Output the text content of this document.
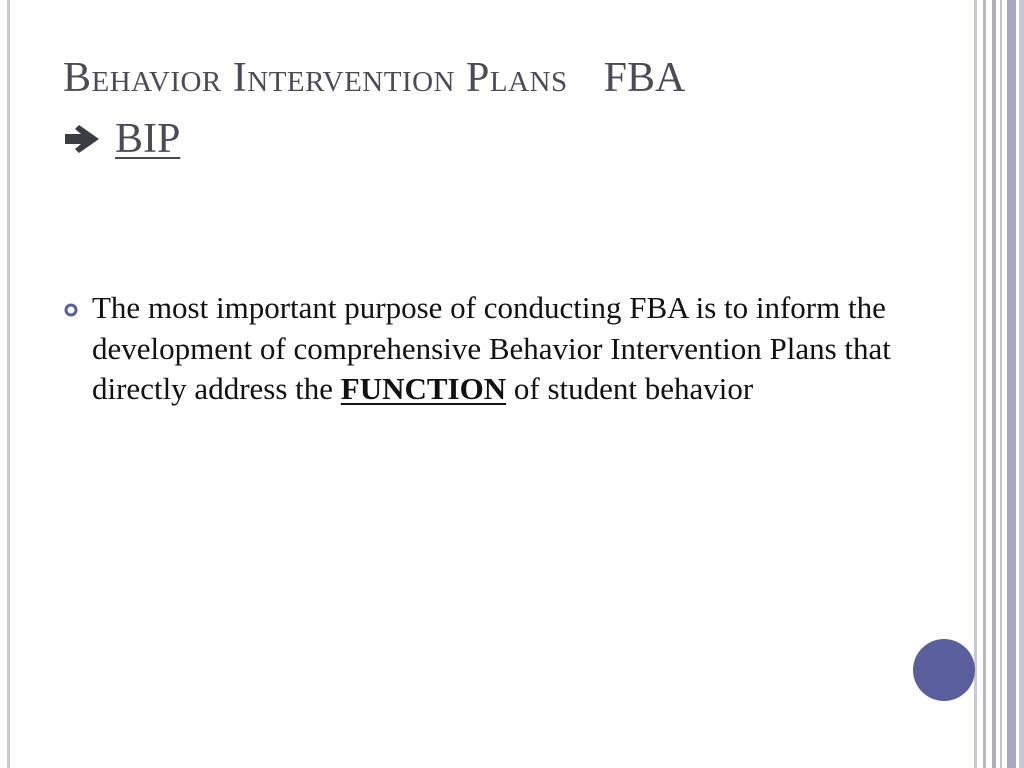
Behavior Intervention Plans FBA
BIP
The most important purpose of conducting FBA is to inform the development of comprehensive Behavior Intervention Plans that directly address the FUNCTION of student behavior
